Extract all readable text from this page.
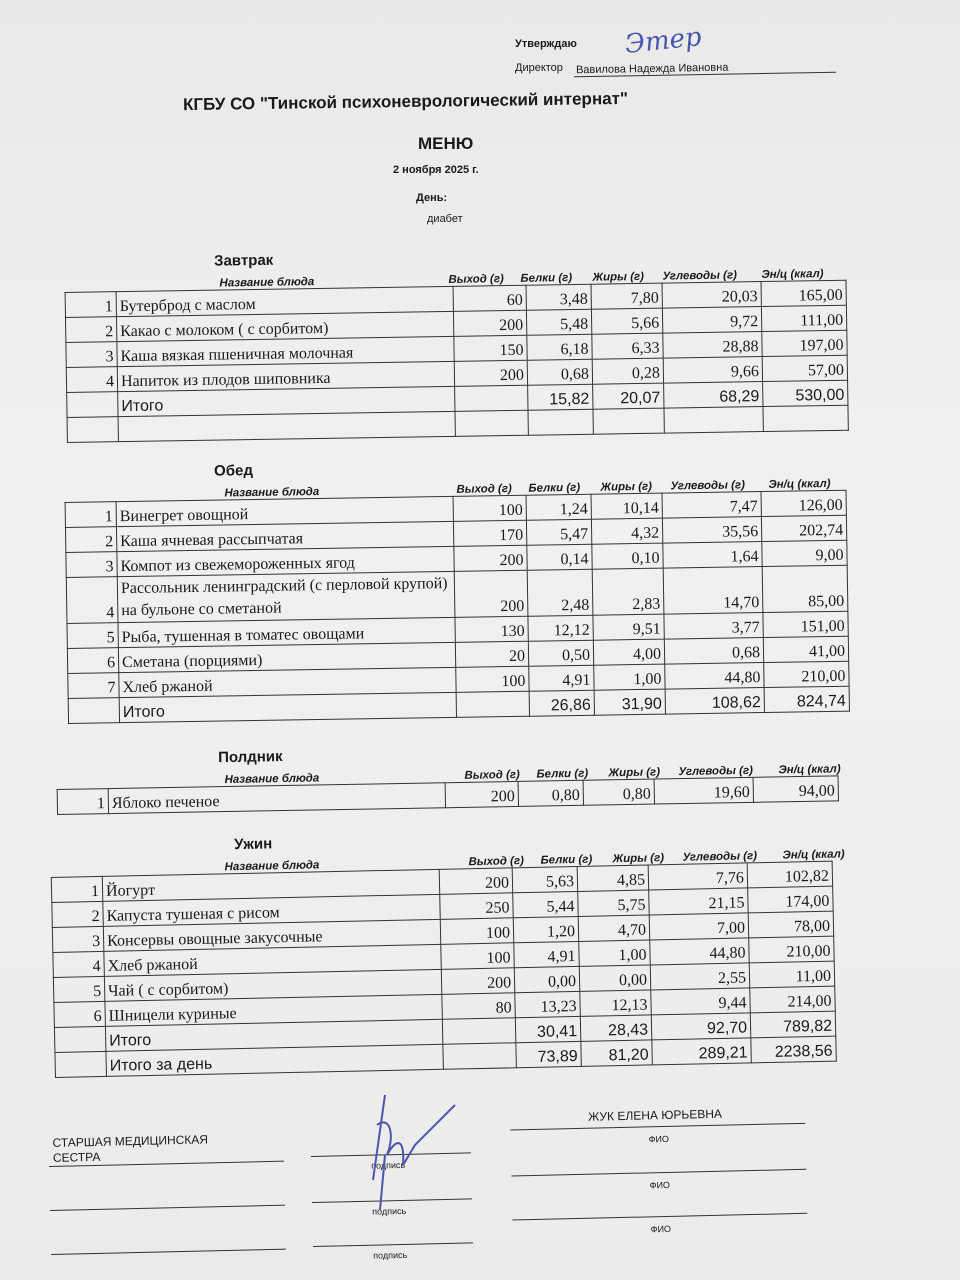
Утверждаю Этер
Директор Вавилова Надежда Ивановна
КГБУ СО "Тинской психоневрологический интернат"
МЕНЮ
2 ноября 2025 г.
День:
диабет
Завтрак
Название блюда	Выход (г) Белки (г) Жиры (г) Углеводы (г) Эн/ц (ккал)
1	Бутерброд с маслом	60	3,48	7,80	20,03	165,00
2	Какао с молоком ( с сорбитом)	200	5,48	5,66	9,72	111,00
3	Каша вязкая пшеничная молочная	150	6,18	6,33	28,88	197,00
4	Напиток из плодов шиповника	200	0,68	0,28	9,66	57,00
	Итого		15,82	20,07	68,29	530,00

Обед
Название блюда	Выход (г) Белки (г) Жиры (г) Углеводы (г) Эн/ц (ккал)
1	Винегрет овощной	100	1,24	10,14	7,47	126,00
2	Каша ячневая рассыпчатая	170	5,47	4,32	35,56	202,74
3	Компот из свежемороженных ягод	200	0,14	0,10	1,64	9,00
4	Рассольник ленинградский (с перловой крупой) на бульоне со сметаной	200	2,48	2,83	14,70	85,00
5	Рыба, тушенная в томатес овощами	130	12,12	9,51	3,77	151,00
6	Сметана (порциями)	20	0,50	4,00	0,68	41,00
7	Хлеб ржаной	100	4,91	1,00	44,80	210,00
	Итого		26,86	31,90	108,62	824,74
Полдник
Название блюда	Выход (г) Белки (г) Жиры (г) Углеводы (г) Эн/ц (ккал)
1	Яблоко печеное	200	0,80	0,80	19,60	94,00
Ужин
Название блюда	Выход (г) Белки (г) Жиры (г) Углеводы (г) Эн/ц (ккал)
1	Йогурт	200	5,63	4,85	7,76	102,82
2	Капуста тушеная с рисом	250	5,44	5,75	21,15	174,00
3	Консервы овощные закусочные	100	1,20	4,70	7,00	78,00
4	Хлеб ржаной	100	4,91	1,00	44,80	210,00
5	Чай ( с сорбитом)	200	0,00	0,00	2,55	11,00
6	Шницели куриные	80	13,23	12,13	9,44	214,00
	Итого		30,41	28,43	92,70	789,82
	Итого за день		73,89	81,20	289,21	2238,56
СТАРШАЯ МЕДИЦИНСКАЯ СЕСТРА
ЖУК ЕЛЕНА ЮРЬЕВНА
подпись
ФИО
подпись
ФИО
подпись
ФИО
